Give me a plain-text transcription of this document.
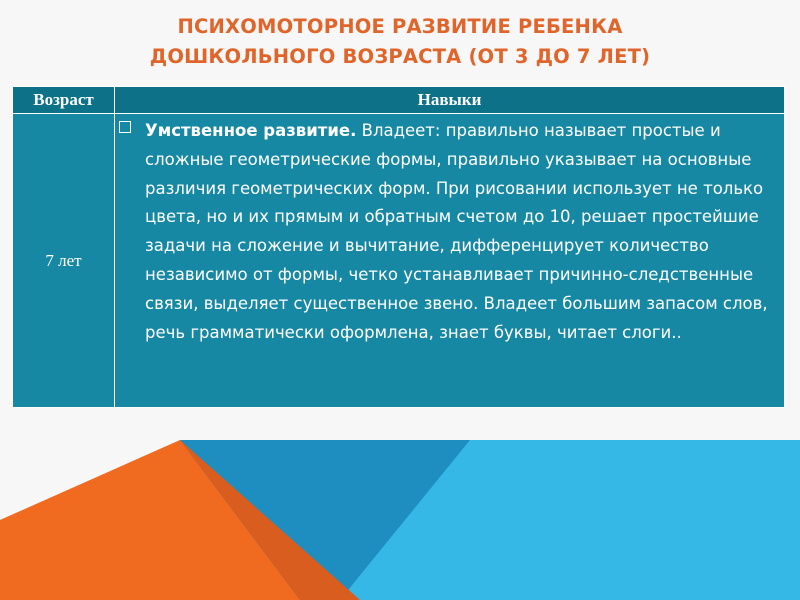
ПСИХОМОТОРНОЕ РАЗВИТИЕ РЕБЕНКА
ДОШКОЛЬНОГО ВОЗРАСТА (ОТ 3 ДО 7 ЛЕТ)
Возраст	Навыки
7 лет	Умственное развитие. Владеет: правильно называет простые и сложные геометрические формы, правильно указывает на основные различия геометрических форм. При рисовании использует не только цвета, но и их прямым и обратным счетом до 10, решает простейшие задачи на сложение и вычитание, дифференцирует количество независимо от формы, четко устанавливает причинно-следственные связи, выделяет существенное звено. Владеет большим запасом слов, речь грамматически оформлена, знает буквы, читает слоги..
